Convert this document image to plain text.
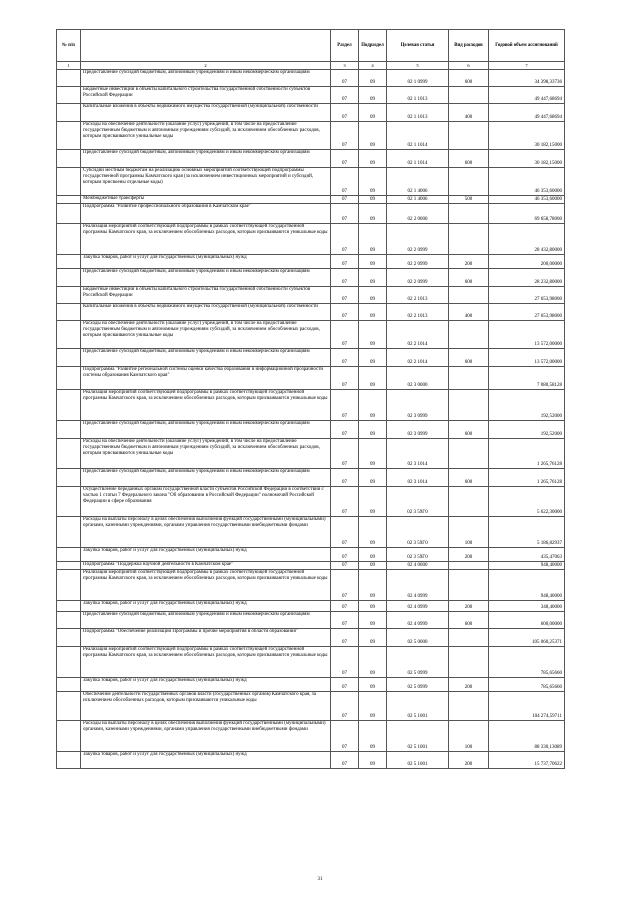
№ п/п		Раздел	Подраздел	Целевая статья	Вид расходов	Годовой объем ассигнований
1	2	3	4	5	6	7
	Предоставление субсидий бюджетным, автономным учреждениям и иным некоммерческим организациям	07	09	02 1 0999	600	34 398,33736
	Бюджетные инвестиции в объекты капитального строительства государственной собственности субъектов Российской Федерации	07	09	02 1 1013		49 447,68694
	Капитальные вложения в объекты недвижимого имущества государственной (муниципальной) собственности	07	09	02 1 1013	400	49 447,68694
	Расходы на обеспечение деятельности (оказание услуг) учреждений, в том числе на предоставление государственным бюджетным и автономным учреждениям субсидий, за исключением обособленных расходов, которым присваиваются уникальные коды	07	09	02 1 1014		30 182,15000
	Предоставление субсидий бюджетным, автономным учреждениям и иным некоммерческим организациям	07	09	02 1 1014	600	30 182,15000
	Субсидии местным бюджетам на реализацию основных мероприятий соответствующей подпрограммы государственной программы Камчатского края (за исключением инвестиционных мероприятий и субсидий, которым присвоены отдельные коды)	07	09	02 1 4006		46 353,60000
	Межбюджетные трансферты	07	09	02 1 4006	500	46 353,60000
	Подпрограмма "Развитие профессионального образования в Камчатском крае"	07	09	02 2 0000		69 658,78000
	Реализация мероприятий соответствующей подпрограммы в рамках соответствующей государственной программы Камчатского края, за исключением обособленных расходов, которым присваиваются уникальные коды	07	09	02 2 0999		28 432,80000
	Закупка товаров, работ и услуг для государственных (муниципальных) нужд	07	09	02 2 0999	200	200,00000
	Предоставление субсидий бюджетным, автономным учреждениям и иным некоммерческим организациям	07	09	02 2 0999	600	28 232,80000
	Бюджетные инвестиции в объекты капитального строительства государственной собственности субъектов Российской Федерации	07	09	02 2 1013		27 653,98000
	Капитальные вложения в объекты недвижимого имущества государственной (муниципальной) собственности	07	09	02 2 1013	400	27 653,98000
	Расходы на обеспечение деятельности (оказание услуг) учреждений, в том числе на предоставление государственным бюджетным и автономным учреждениям субсидий, за исключением обособленных расходов, которым присваиваются уникальные коды	07	09	02 2 1014		13 572,00000
	Предоставление субсидий бюджетным, автономным учреждениям и иным некоммерческим организациям	07	09	02 2 1014	600	13 572,00000
	Подпрограмма "Развитие региональной системы оценки качества образования и информационной прозрачности системы образования Камчатского края"	07	09	02 3 0000		7 080,58128
	Реализация мероприятий соответствующей подпрограммы в рамках соответствующей государственной программы Камчатского края, за исключением обособленных расходов, которым присваиваются уникальные коды	07	09	02 3 0999		192,52000
	Предоставление субсидий бюджетным, автономным учреждениям и иным некоммерческим организациям	07	09	02 3 0999	600	192,52000
	Расходы на обеспечение деятельности (оказание услуг) учреждений, в том числе на предоставление государственным бюджетным и автономным учреждениям субсидий, за исключением обособленных расходов, которым присваиваются уникальные коды	07	09	02 3 1014		1 265,76128
	Предоставление субсидий бюджетным, автономным учреждениям и иным некоммерческим организациям	07	09	02 3 1014	600	1 265,76128
	Осуществление переданных органам государственной власти субъектов Российской Федерации в соответствии с частью 1 статьи 7 Федерального закона "Об образовании в Российской Федерации" полномочий Российской Федерации в сфере образования	07	09	02 3 59Г0		5 622,30000
	Расходы на выплаты персоналу в целях обеспечения выполнения функций государственными (муниципальными) органами, казенными учреждениями, органами управления государственными внебюджетными фондами	07	09	02 3 59Г0	100	5 186,82937
	Закупка товаров, работ и услуг для государственных (муниципальных) нужд	07	09	02 3 59Г0	200	435,47063
	Подпрограмма "Поддержка научной деятельности в Камчатском крае"	07	09	02 4 0000		948,40000
	Реализация мероприятий соответствующей подпрограммы в рамках соответствующей государственной программы Камчатского края, за исключением обособленных расходов, которым присваиваются уникальные коды	07	09	02 4 0999		948,40000
	Закупка товаров, работ и услуг для государственных (муниципальных) нужд	07	09	02 4 0999	200	348,40000
	Предоставление субсидий бюджетным, автономным учреждениям и иным некоммерческим организациям	07	09	02 4 0999	600	600,00000
	Подпрограмма "Обеспечение реализации Программы и прочие мероприятия в области образования"	07	09	02 5 0000		105 060,25371
	Реализация мероприятий соответствующей подпрограммы в рамках соответствующей государственной программы Камчатского края, за исключением обособленных расходов, которым присваиваются уникальные коды	07	09	02 5 0999		785,65660
	Закупка товаров, работ и услуг для государственных (муниципальных) нужд	07	09	02 5 0999	200	785,65660
	Обеспечение деятельности государственных органов власти (государственных органов) Камчатского края, за исключением обособленных расходов, которым присваиваются уникальные коды	07	09	02 5 1001		104 274,59711
	Расходы на выплаты персоналу в целях обеспечения выполнения функций государственными (муниципальными) органами, казенными учреждениями, органами управления государственными внебюджетными фондами	07	09	02 5 1001	100	88 330,13089
	Закупка товаров, работ и услуг для государственных (муниципальных) нужд	07	09	02 5 1001	200	15 737,70622
31
